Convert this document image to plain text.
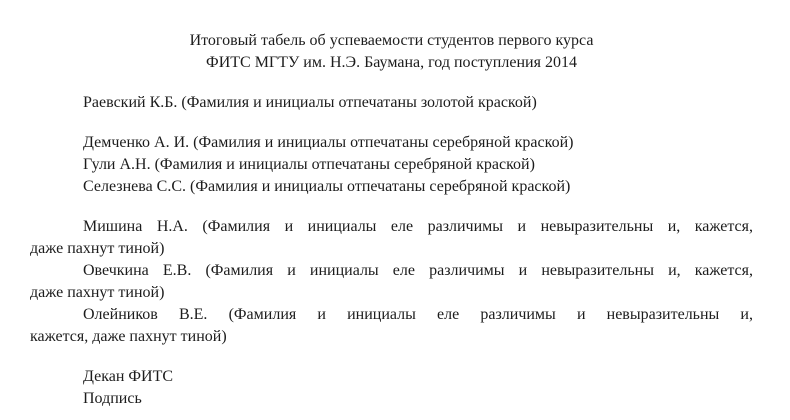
Итоговый табель об успеваемости студентов первого курса

ФИТС МГТУ им. Н.Э. Баумана, год поступления 2014

Раевский К.Б. (Фамилия и инициалы отпечатаны золотой краской)

Демченко А. И. (Фамилия и инициалы отпечатаны серебряной краской)

Гули А.Н. (Фамилия и инициалы отпечатаны серебряной краской)

Селезнева С.С. (Фамилия и инициалы отпечатаны серебряной краской)

Мишина Н.А. (Фамилия и инициалы еле различимы и невыразительны и, кажется,

даже пахнут тиной)

Овечкина Е.В. (Фамилия и инициалы еле различимы и невыразительны и, кажется,

даже пахнут тиной)

Олейников В.Е. (Фамилия и инициалы еле различимы и невыразительны и,

кажется, даже пахнут тиной)

Декан ФИТС

Подпись
